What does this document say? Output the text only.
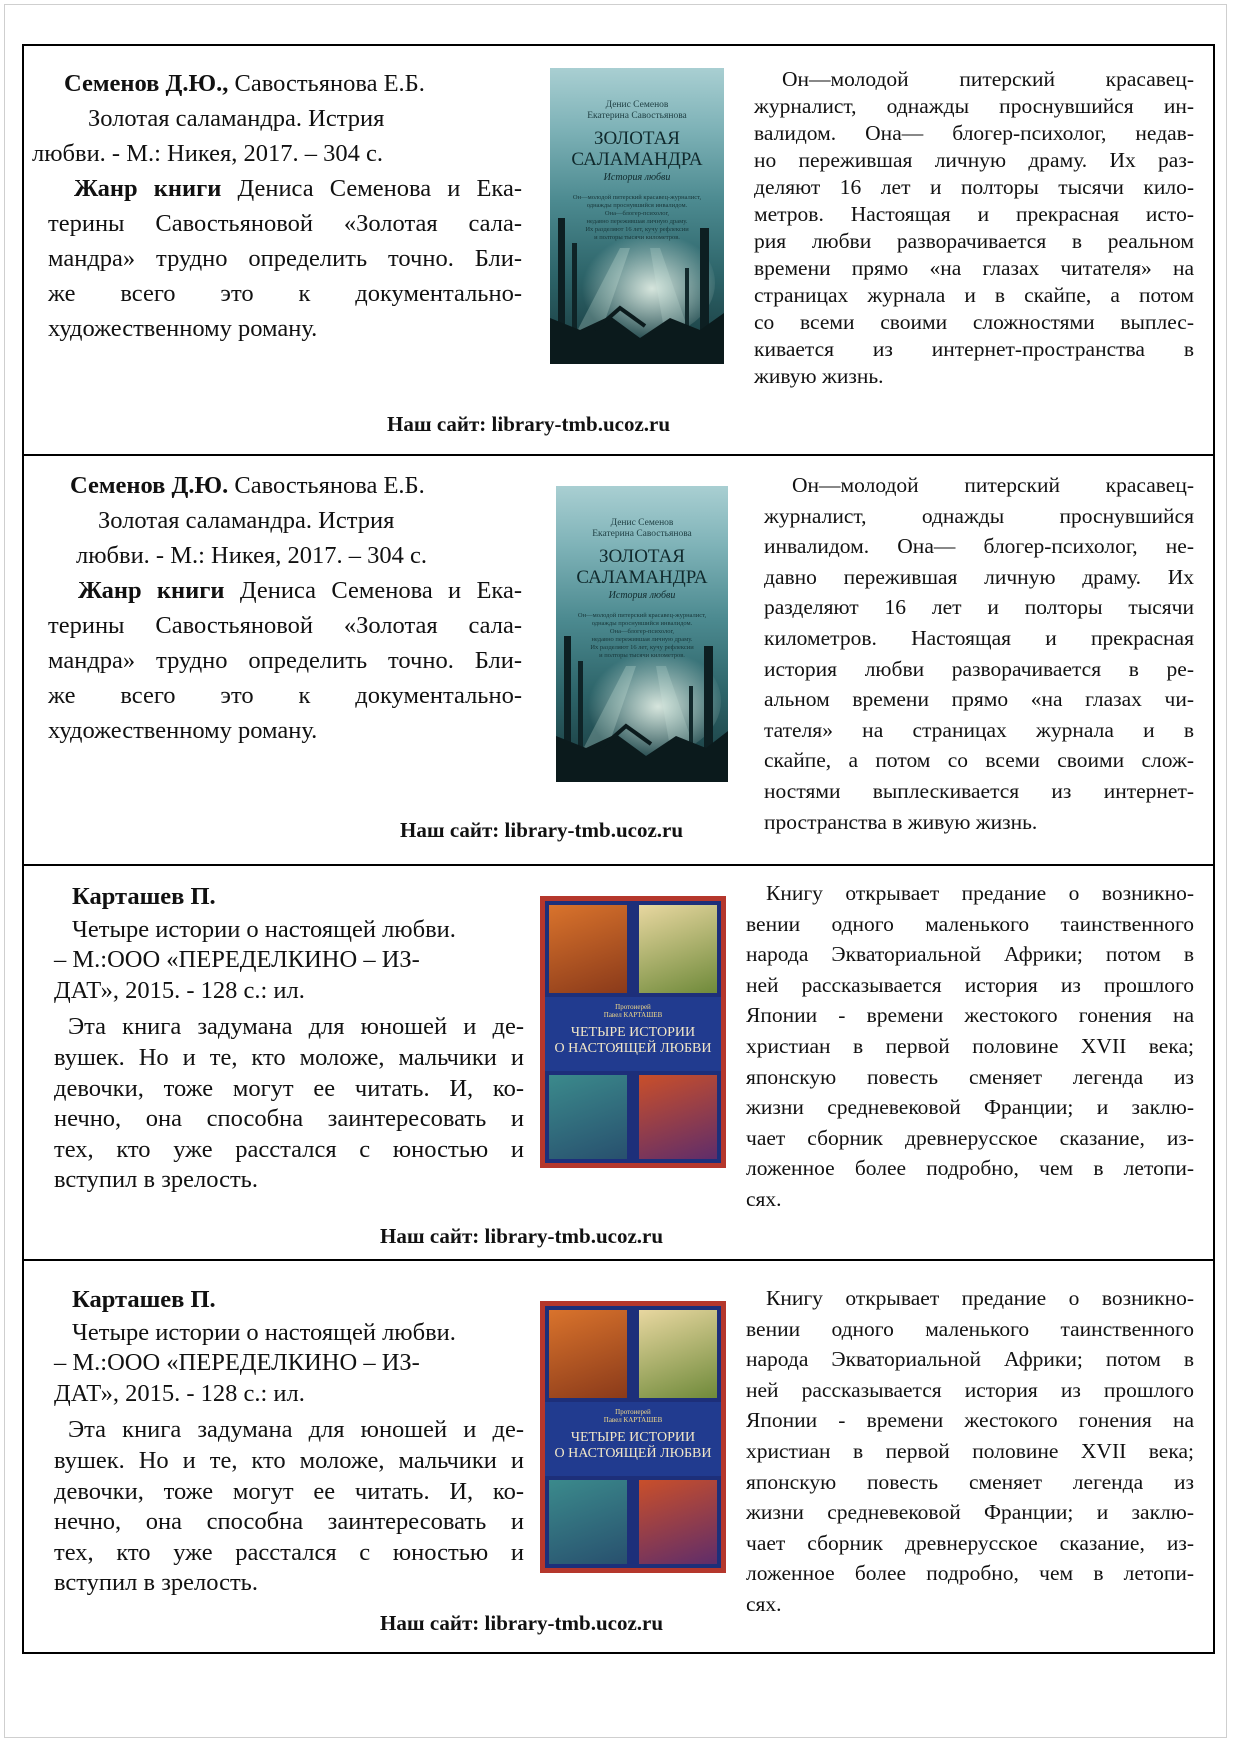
Семенов Д.Ю., Савостьянова Е.Б.

Золотая саламандра. Истрия

любви. - М.: Никея, 2017. – 304 с.

Жанр книги Дениса Семенова и Ека-

терины Савостьяновой «Золотая сала-

мандра» трудно определить точно. Бли-

же всего это к документально-

художественному роману.

Денис Семенов
Екатерина Савостьянова
ЗОЛОТАЯ
САЛАМАНДРА
История любви
Он—молодой питерский красавец-журналист,
однажды проснувшийся инвалидом.
Она—блогер-психолог,
недавно пережившая личную драму.
Их разделяют 16 лет, кучу рефлексии
и полторы тысячи километров.
Он—молодой питерский красавец-
журналист, однажды проснувшийся ин-
валидом. Она— блогер-психолог, недав-
но пережившая личную драму. Их раз-
деляют 16 лет и полторы тысячи кило-
метров. Настоящая и прекрасная исто-
рия любви разворачивается в реальном
времени прямо «на глазах читателя» на
страницах журнала и в скайпе, а потом
со всеми своими сложностями выплес-
кивается из интернет-пространства в
живую жизнь.
Наш сайт: library-tmb.ucoz.ru

Семенов Д.Ю. Савостьянова Е.Б.

Золотая саламандра. Истрия

любви. - М.: Никея, 2017. – 304 с.

Жанр книги Дениса Семенова и Ека-

терины Савостьяновой «Золотая сала-

мандра» трудно определить точно. Бли-

же всего это к документально-

художественному роману.

Денис Семенов
Екатерина Савостьянова
ЗОЛОТАЯ
САЛАМАНДРА
История любви
Он—молодой питерский красавец-журналист,
однажды проснувшийся инвалидом.
Она—блогер-психолог,
недавно пережившая личную драму.
Их разделяют 16 лет, кучу рефлексии
и полторы тысячи километров.
Он—молодой питерский красавец-
журналист, однажды проснувшийся
инвалидом. Она— блогер-психолог, не-
давно пережившая личную драму. Их
разделяют 16 лет и полторы тысячи
километров. Настоящая и прекрасная
история любви разворачивается в ре-
альном времени прямо «на глазах чи-
тателя» на страницах журнала и в
скайпе, а потом со всеми своими слож-
ностями выплескивается из интернет-
пространства в живую жизнь.
Наш сайт: library-tmb.ucoz.ru

Карташев П.

Четыре истории о настоящей любви.

– М.:ООО «ПЕРЕДЕЛКИНО – ИЗ-

ДАТ», 2015. - 128 с.: ил.

Эта книга задумана для юношей и де-

вушек. Но и те, кто моложе, мальчики и

девочки, тоже могут ее читать. И, ко-

нечно, она способна заинтересовать и

тех, кто уже расстался с юностью и

вступил в зрелость.

Протоиерей
Павел КАРТАШЕВ
ЧЕТЫРЕ ИСТОРИИ
О НАСТОЯЩЕЙ ЛЮБВИ
Книгу открывает предание о возникно-
вении одного маленького таинственного
народа Экваториальной Африки; потом в
ней рассказывается история из прошлого
Японии - времени жестокого гонения на
христиан в первой половине XVII века;
японскую повесть сменяет легенда из
жизни средневековой Франции; и заклю-
чает сборник древнерусское сказание, из-
ложенное более подробно, чем в летопи-
сях.
Наш сайт: library-tmb.ucoz.ru

Карташев П.

Четыре истории о настоящей любви.

– М.:ООО «ПЕРЕДЕЛКИНО – ИЗ-

ДАТ», 2015. - 128 с.: ил.

Эта книга задумана для юношей и де-

вушек. Но и те, кто моложе, мальчики и

девочки, тоже могут ее читать. И, ко-

нечно, она способна заинтересовать и

тех, кто уже расстался с юностью и

вступил в зрелость.

Протоиерей
Павел КАРТАШЕВ
ЧЕТЫРЕ ИСТОРИИ
О НАСТОЯЩЕЙ ЛЮБВИ
Книгу открывает предание о возникно-
вении одного маленького таинственного
народа Экваториальной Африки; потом в
ней рассказывается история из прошлого
Японии - времени жестокого гонения на
христиан в первой половине XVII века;
японскую повесть сменяет легенда из
жизни средневековой Франции; и заклю-
чает сборник древнерусское сказание, из-
ложенное более подробно, чем в летопи-
сях.
Наш сайт: library-tmb.ucoz.ru
